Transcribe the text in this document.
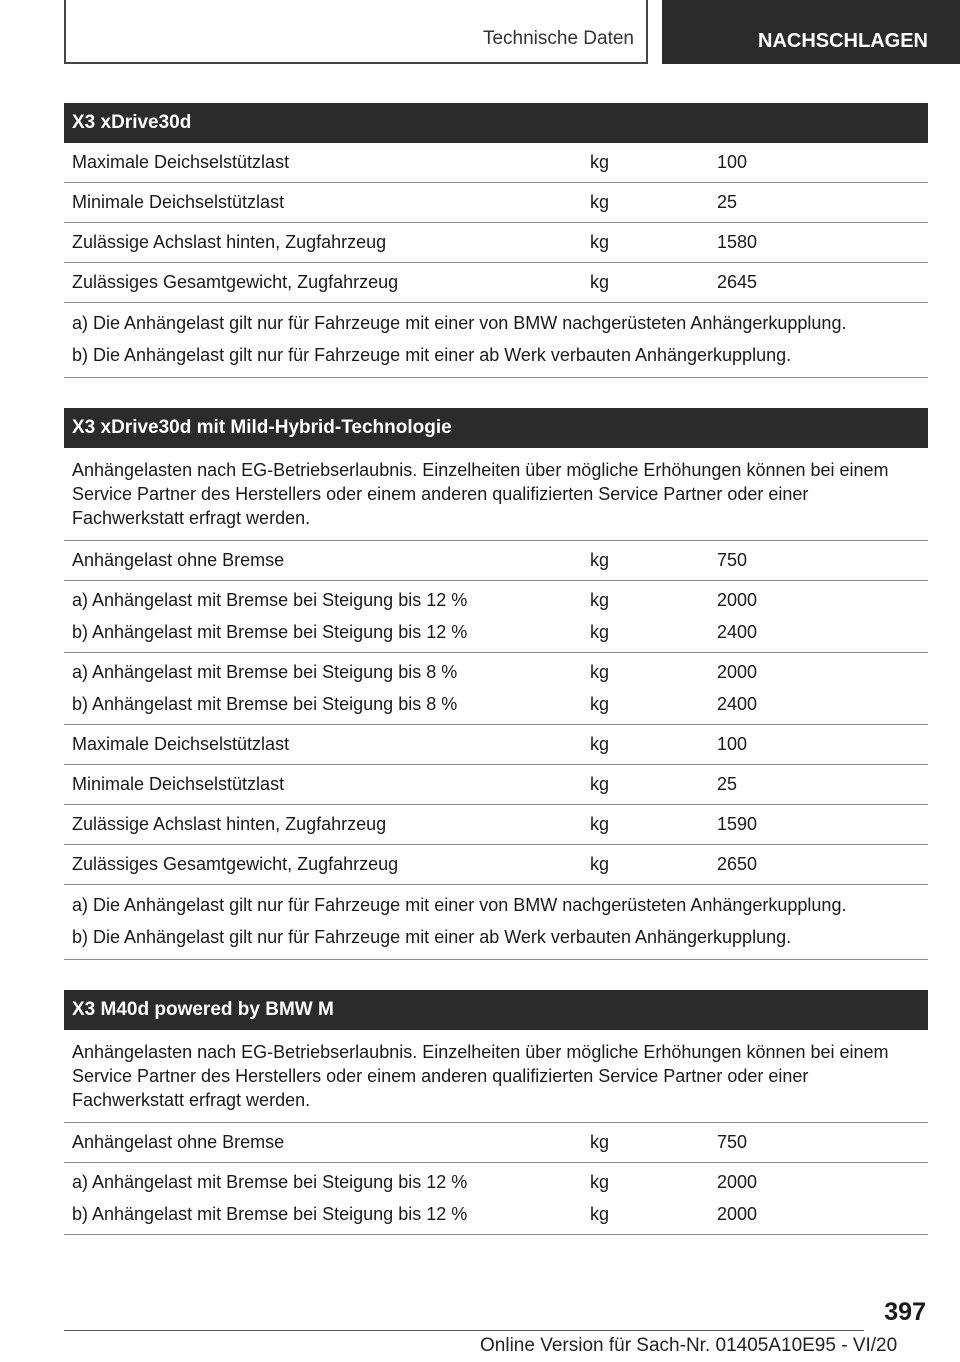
Technische Daten	NACHSCHLAGEN
X3 xDrive30d
Maximale Deichselstützlast	kg	100
Minimale Deichselstützlast	kg	25
Zulässige Achslast hinten, Zugfahrzeug	kg	1580
Zulässiges Gesamtgewicht, Zugfahrzeug	kg	2645
a) Die Anhängelast gilt nur für Fahrzeuge mit einer von BMW nachgerüsteten Anhängerkupplung.
b) Die Anhängelast gilt nur für Fahrzeuge mit einer ab Werk verbauten Anhängerkupplung.
X3 xDrive30d mit Mild-Hybrid-Technologie
Anhängelasten nach EG-Betriebserlaubnis. Einzelheiten über mögliche Erhöhungen können bei einem Service Partner des Herstellers oder einem anderen qualifizierten Service Partner oder einer Fachwerkstatt erfragt werden.
Anhängelast ohne Bremse	kg	750
a) Anhängelast mit Bremse bei Steigung bis 12 %	kg	2000
b) Anhängelast mit Bremse bei Steigung bis 12 %	kg	2400
a) Anhängelast mit Bremse bei Steigung bis 8 %	kg	2000
b) Anhängelast mit Bremse bei Steigung bis 8 %	kg	2400
Maximale Deichselstützlast	kg	100
Minimale Deichselstützlast	kg	25
Zulässige Achslast hinten, Zugfahrzeug	kg	1590
Zulässiges Gesamtgewicht, Zugfahrzeug	kg	2650
a) Die Anhängelast gilt nur für Fahrzeuge mit einer von BMW nachgerüsteten Anhängerkupplung.
b) Die Anhängelast gilt nur für Fahrzeuge mit einer ab Werk verbauten Anhängerkupplung.
X3 M40d powered by BMW M
Anhängelasten nach EG-Betriebserlaubnis. Einzelheiten über mögliche Erhöhungen können bei einem Service Partner des Herstellers oder einem anderen qualifizierten Service Partner oder einer Fachwerkstatt erfragt werden.
Anhängelast ohne Bremse	kg	750
a) Anhängelast mit Bremse bei Steigung bis 12 %	kg	2000
b) Anhängelast mit Bremse bei Steigung bis 12 %	kg	2000
397
Online Version für Sach-Nr. 01405A10E95 - VI/20
